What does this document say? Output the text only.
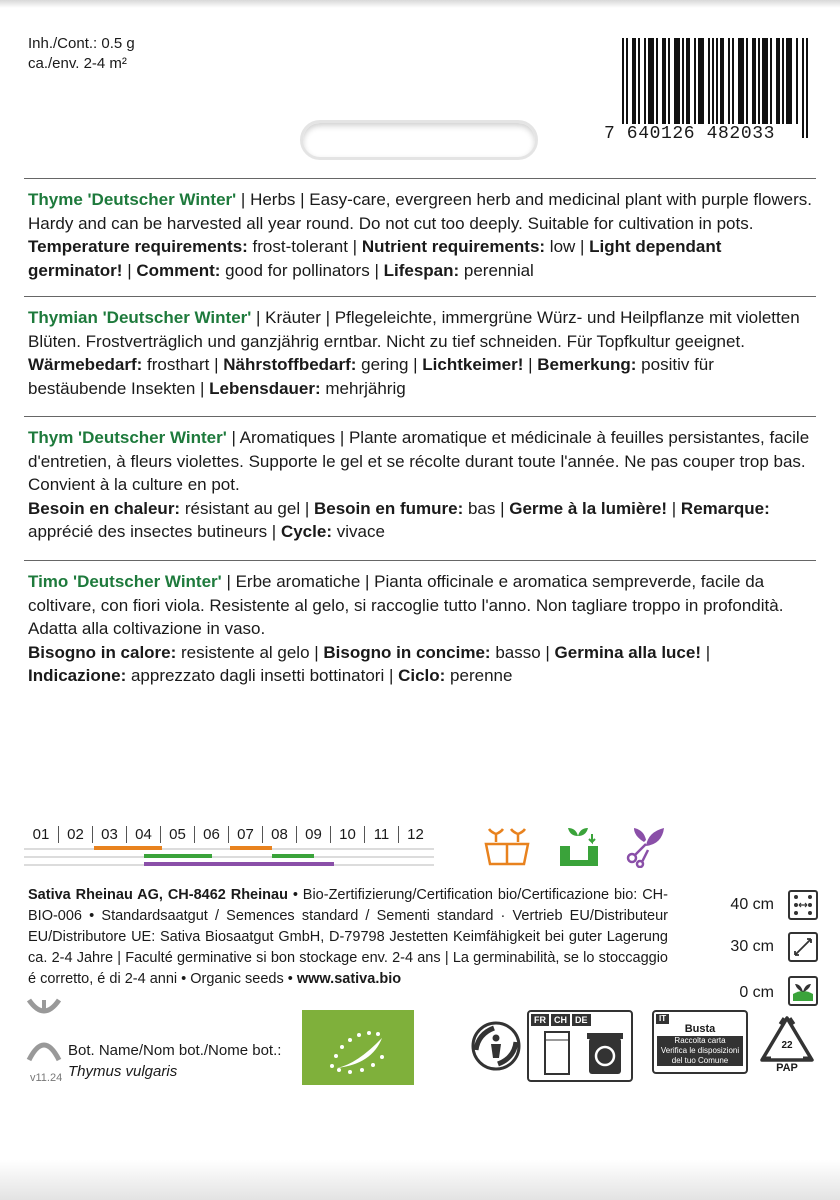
Inh./Cont.: 0.5 g
ca./env. 2-4 m²
7 640126 482033

Thyme 'Deutscher Winter' | Herbs | Easy-care, evergreen herb and medicinal plant with purple flowers. Hardy and can be harvested all year round. Do not cut too deeply. Suitable for cultivation in pots.

Temperature requirements: frost-tolerant | Nutrient requirements: low | Light dependant germinator! | Comment: good for pollinators | Lifespan: perennial

Thymian 'Deutscher Winter' | Kräuter | Pflegeleichte, immergrüne Würz- und Heilpflanze mit violetten Blüten. Frostverträglich und ganzjährig erntbar. Nicht zu tief schneiden. Für Topfkultur geeignet.

Wärmebedarf: frosthart | Nährstoffbedarf: gering | Lichtkeimer! | Bemerkung: positiv für bestäubende Insekten | Lebensdauer: mehrjährig

Thym 'Deutscher Winter' | Aromatiques | Plante aromatique et médicinale à feuilles persistantes, facile d'entretien, à fleurs violettes. Supporte le gel et se récolte durant toute l'année. Ne pas couper trop bas. Convient à la culture en pot.

Besoin en chaleur: résistant au gel | Besoin en fumure: bas | Germe à la lumière! | Remarque: apprécié des insectes butineurs | Cycle: vivace

Timo 'Deutscher Winter' | Erbe aromatiche | Pianta officinale e aromatica sempreverde, facile da coltivare, con fiori viola. Resistente al gelo, si raccoglie tutto l'anno. Non tagliare troppo in profondità. Adatta alla coltivazione in vaso.

Bisogno in calore: resistente al gelo | Bisogno in concime: basso | Germina alla luce! | Indicazione: apprezzato dagli insetti bottinatori | Ciclo: perenne

01	02	03	04	05	06	07	08	09	10	11	12
Sativa Rheinau AG, CH-8462 Rheinau • Bio-Zertifizierung/Certification bio/Certificazione bio: CH-BIO-006 • Standardsaatgut / Semences standard / Sementi standard · Vertrieb EU/Distributeur EU/Distributore UE: Sativa Biosaatgut GmbH, D-79798 Jestetten Keimfähigkeit bei guter Lagerung ca. 2-4 Jahre | Faculté germinative si bon stockage env. 2-4 ans | La germinabilità, se lo stoccaggio é corretto, é di 2-4 anni • Organic seeds • www.sativa.bio
40 cm
30 cm
0 cm
Bot. Name/Nom bot./Nome bot.:
Thymus vulgaris
v11.24
FR CH DE	IT
Busta
Raccolta carta
Verifica le disposizioni
del tuo Comune
22
PAP
